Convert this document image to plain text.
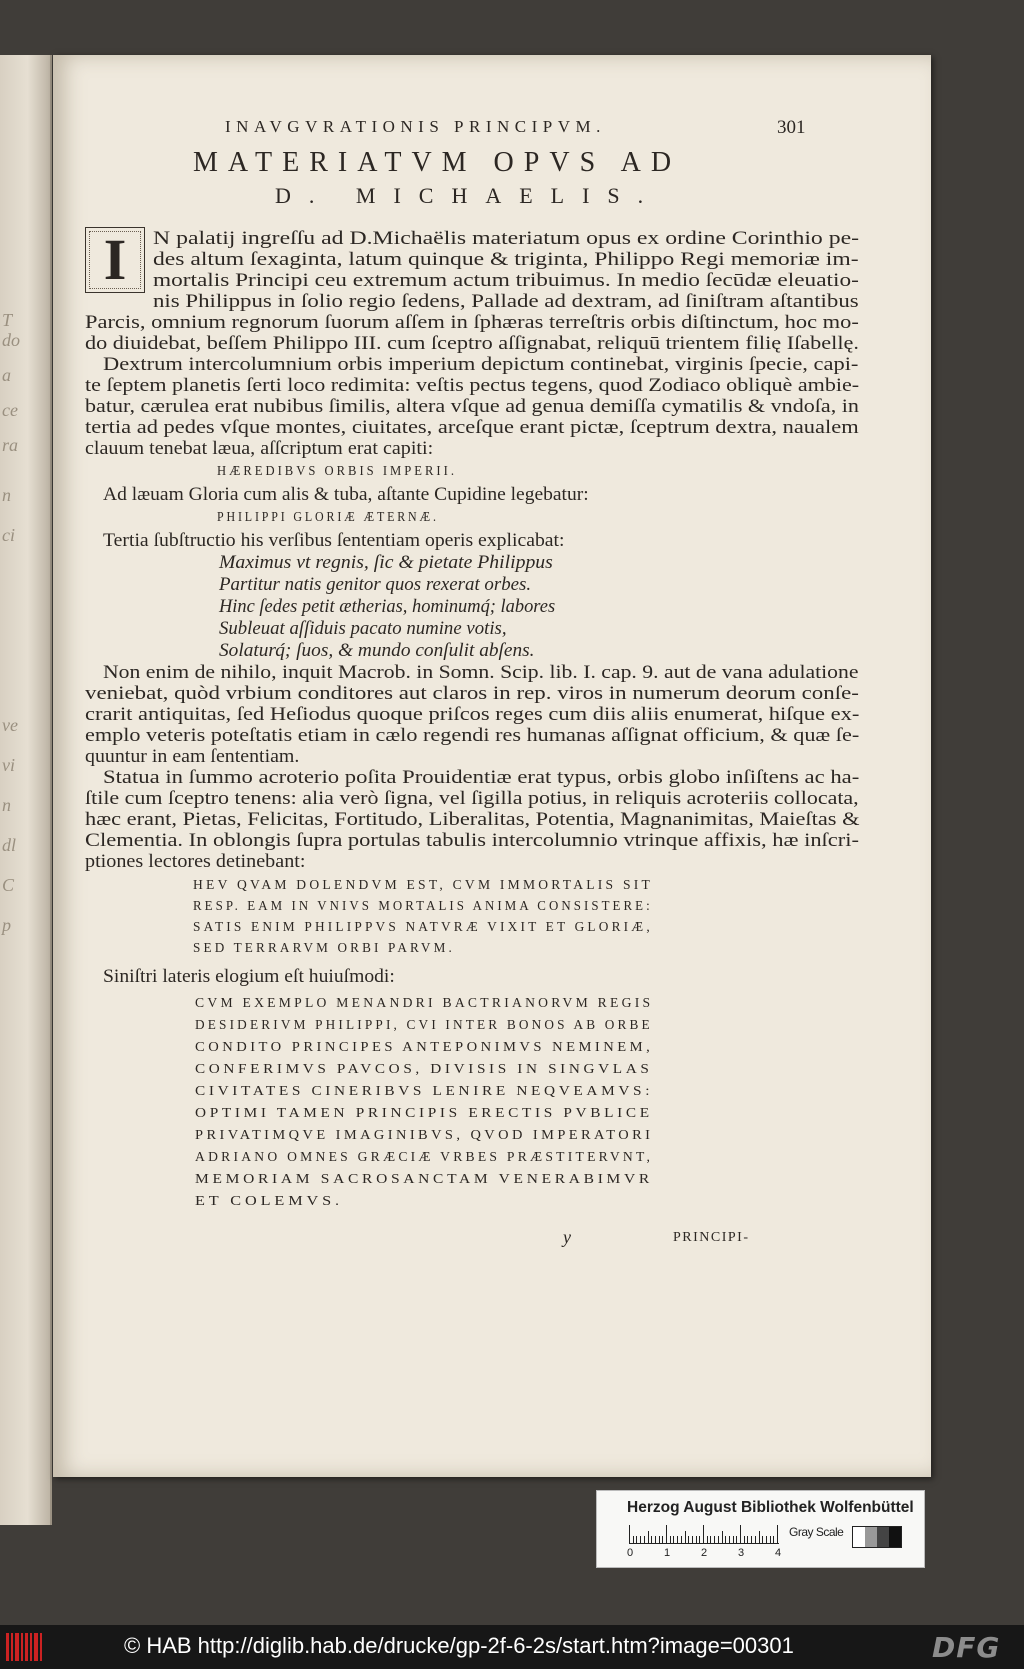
T
do
a
ce
ra
n
ci
ve
vi
n
dl
C
p
INAVGVRATIONIS PRINCIPVM.	301
MATERIATVM OPVS AD
D. MICHAELIS.
I N palatij ingreſſu ad D.Michaëlis materiatum opus ex ordine Corinthio pe-
des altum ſexaginta, latum quinque & triginta, Philippo Regi memoriæ im-
mortalis Principi ceu extremum actum tribuimus. In medio ſecūdæ eleuatio-
nis Philippus in ſolio regio ſedens, Pallade ad dextram, ad ſiniſtram aſtantibus
Parcis, omnium regnorum ſuorum aſſem in ſphæras terreſtris orbis diſtinctum, hoc mo-
do diuidebat, beſſem Philippo III. cum ſceptro aſſignabat, reliquū trientem filię Iſabellę.
Dextrum intercolumnium orbis imperium depictum continebat, virginis ſpecie, capi-
te ſeptem planetis ſerti loco redimita: veſtis pectus tegens, quod Zodiaco obliquè ambie-
batur, cærulea erat nubibus ſimilis, altera vſque ad genua demiſſa cymatilis & vndoſa, in
tertia ad pedes vſque montes, ciuitates, arceſque erant pictæ, ſceptrum dextra, naualem
clauum tenebat læua, aſſcriptum erat capiti:
HÆREDIBVS ORBIS IMPERII.
Ad læuam Gloria cum alis & tuba, aſtante Cupidine legebatur:
PHILIPPI GLORIÆ ÆTERNÆ.
Tertia ſubſtructio his verſibus ſententiam operis explicabat:
Maximus vt regnis, ſic & pietate Philippus
Partitur natis genitor quos rexerat orbes.
Hinc ſedes petit ætherias, hominumq́; labores
Subleuat aſſiduis pacato numine votis,
Solaturq́; ſuos, & mundo conſulit abſens.
Non enim de nihilo, inquit Macrob. in Somn. Scip. lib. I. cap. 9. aut de vana adulatione
veniebat, quòd vrbium conditores aut claros in rep. viros in numerum deorum conſe-
crarit antiquitas, ſed Heſiodus quoque priſcos reges cum diis aliis enumerat, hiſque ex-
emplo veteris poteſtatis etiam in cælo regendi res humanas aſſignat officium, & quæ ſe-
quuntur in eam ſententiam.
Statua in ſummo acroterio poſita Prouidentiæ erat typus, orbis globo inſiſtens ac ha-
ſtile cum ſceptro tenens: alia verò ſigna, vel ſigilla potius, in reliquis acroteriis collocata,
hæc erant, Pietas, Felicitas, Fortitudo, Liberalitas, Potentia, Magnanimitas, Maieſtas &
Clementia. In oblongis ſupra portulas tabulis intercolumnio vtrinque affixis, hæ inſcri-
ptiones lectores detinebant:
HEV QVAM DOLENDVM EST, CVM IMMORTALIS SIT
RESP. EAM IN VNIVS MORTALIS ANIMA CONSISTERE:
SATIS ENIM PHILIPPVS NATVRÆ VIXIT ET GLORIÆ,
SED TERRARVM ORBI PARVM.
Siniſtri lateris elogium eſt huiuſmodi:
CVM EXEMPLO MENANDRI BACTRIANORVM REGIS
DESIDERIVM PHILIPPI, CVI INTER BONOS AB ORBE
CONDITO PRINCIPES ANTEPONIMVS NEMINEM,
CONFERIMVS PAVCOS, DIVISIS IN SINGVLAS
CIVITATES CINERIBVS LENIRE NEQVEAMVS:
OPTIMI TAMEN PRINCIPIS ERECTIS PVBLICE
PRIVATIMQVE IMAGINIBVS, QVOD IMPERATORI
ADRIANO OMNES GRÆCIÆ VRBES PRÆSTITERVNT,
MEMORIAM SACROSANCTAM VENERABIMVR
ET COLEMVS.
y	PRINCIPI-
Herzog August Bibliothek Wolfenbüttel
0	1	2	3	4
Gray Scale
© HAB http://diglib.hab.de/drucke/gp-2f-6-2s/start.htm?image=00301	DFG
